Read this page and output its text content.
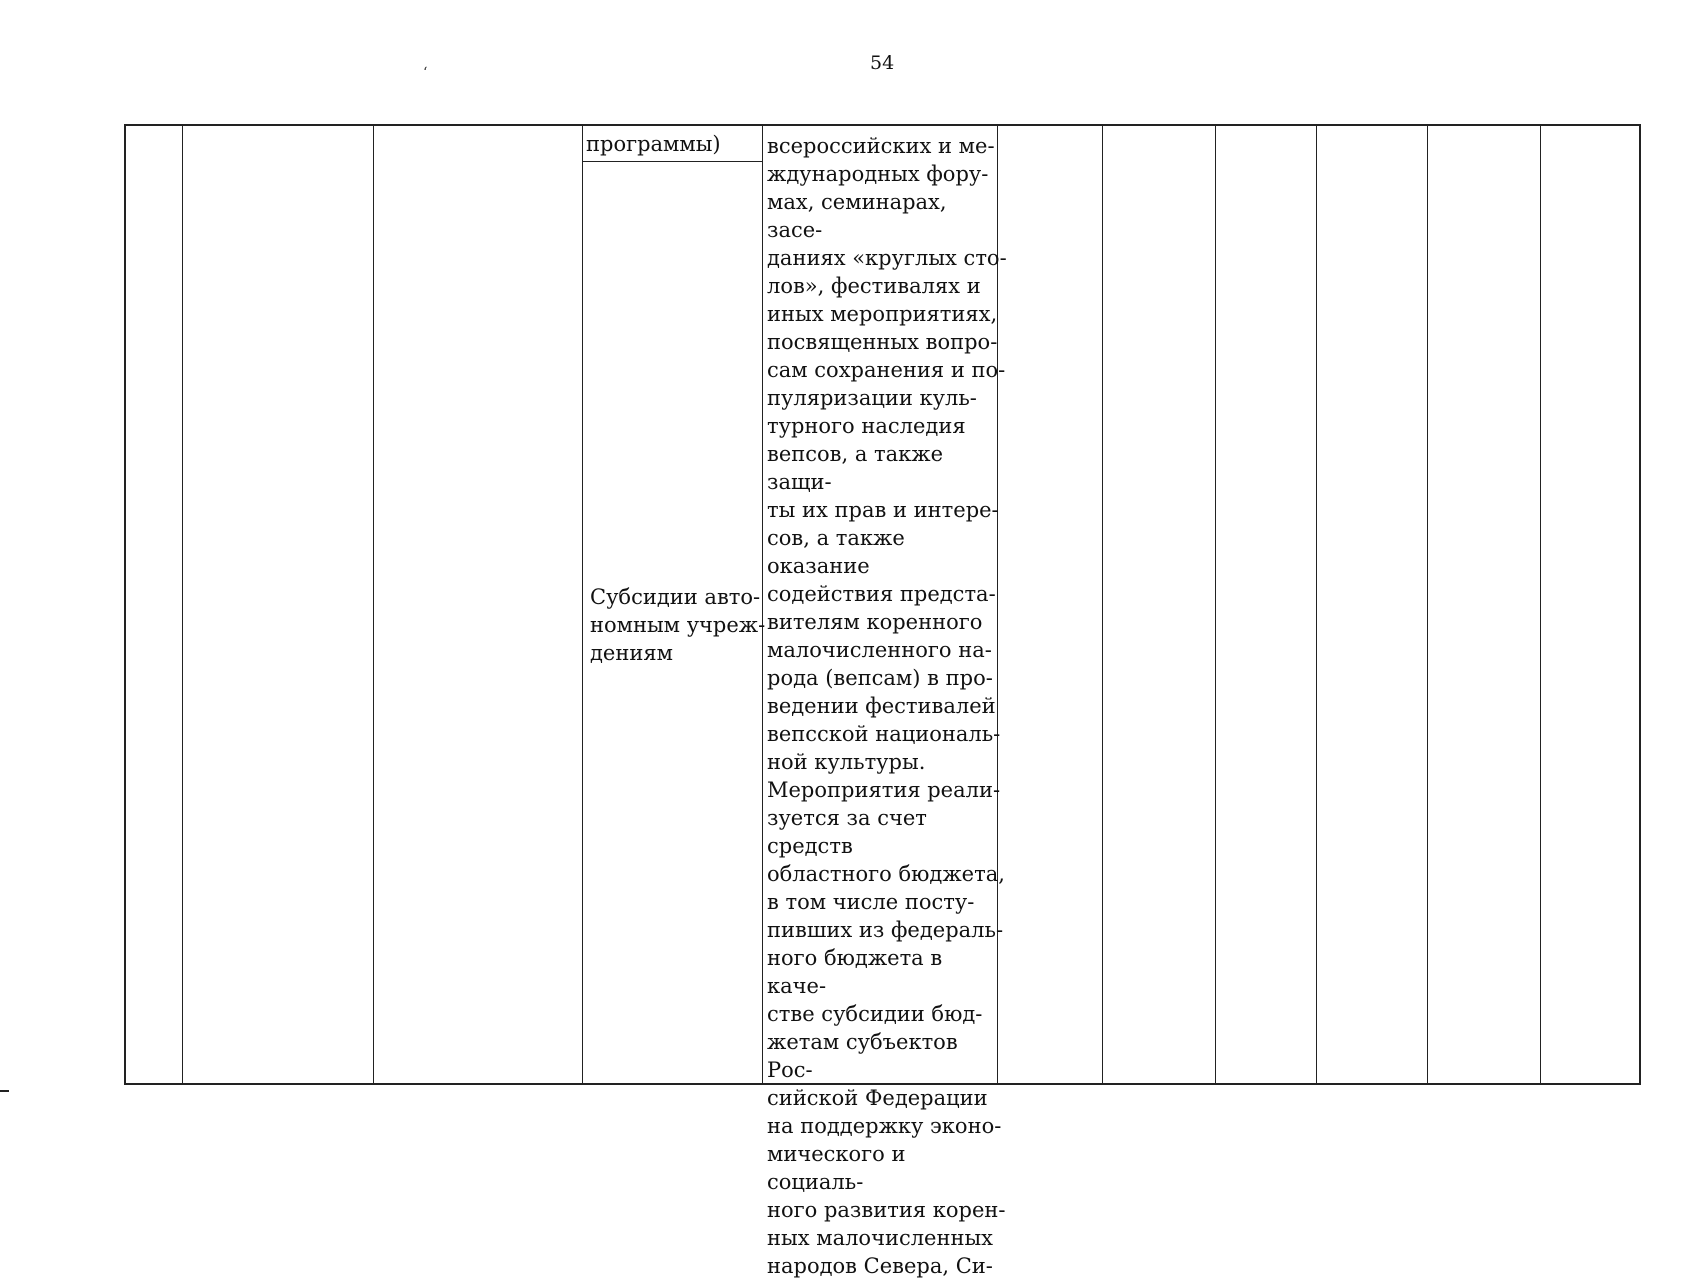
54
‘
программы)
Субсидии авто-
номным учреж-
дениям
всероссийских и ме-
ждународных фору-
мах, семинарах, засе-
даниях «круглых сто-
лов», фестивалях и
иных мероприятиях,
посвященных вопро-
сам сохранения и по-
пуляризации куль-
турного наследия
вепсов, а также защи-
ты их прав и интере-
сов, а также оказание
содействия предста-
вителям коренного
малочисленного на-
рода (вепсам) в про-
ведении фестивалей
вепсской националь-
ной культуры.
Мероприятия реали-
зуется за счет средств
областного бюджета,
в том числе посту-
пивших из федераль-
ного бюджета в каче-
стве субсидии бюд-
жетам субъектов Рос-
сийской Федерации
на поддержку эконо-
мического и социаль-
ного развития корен-
ных малочисленных
народов Севера, Си-
